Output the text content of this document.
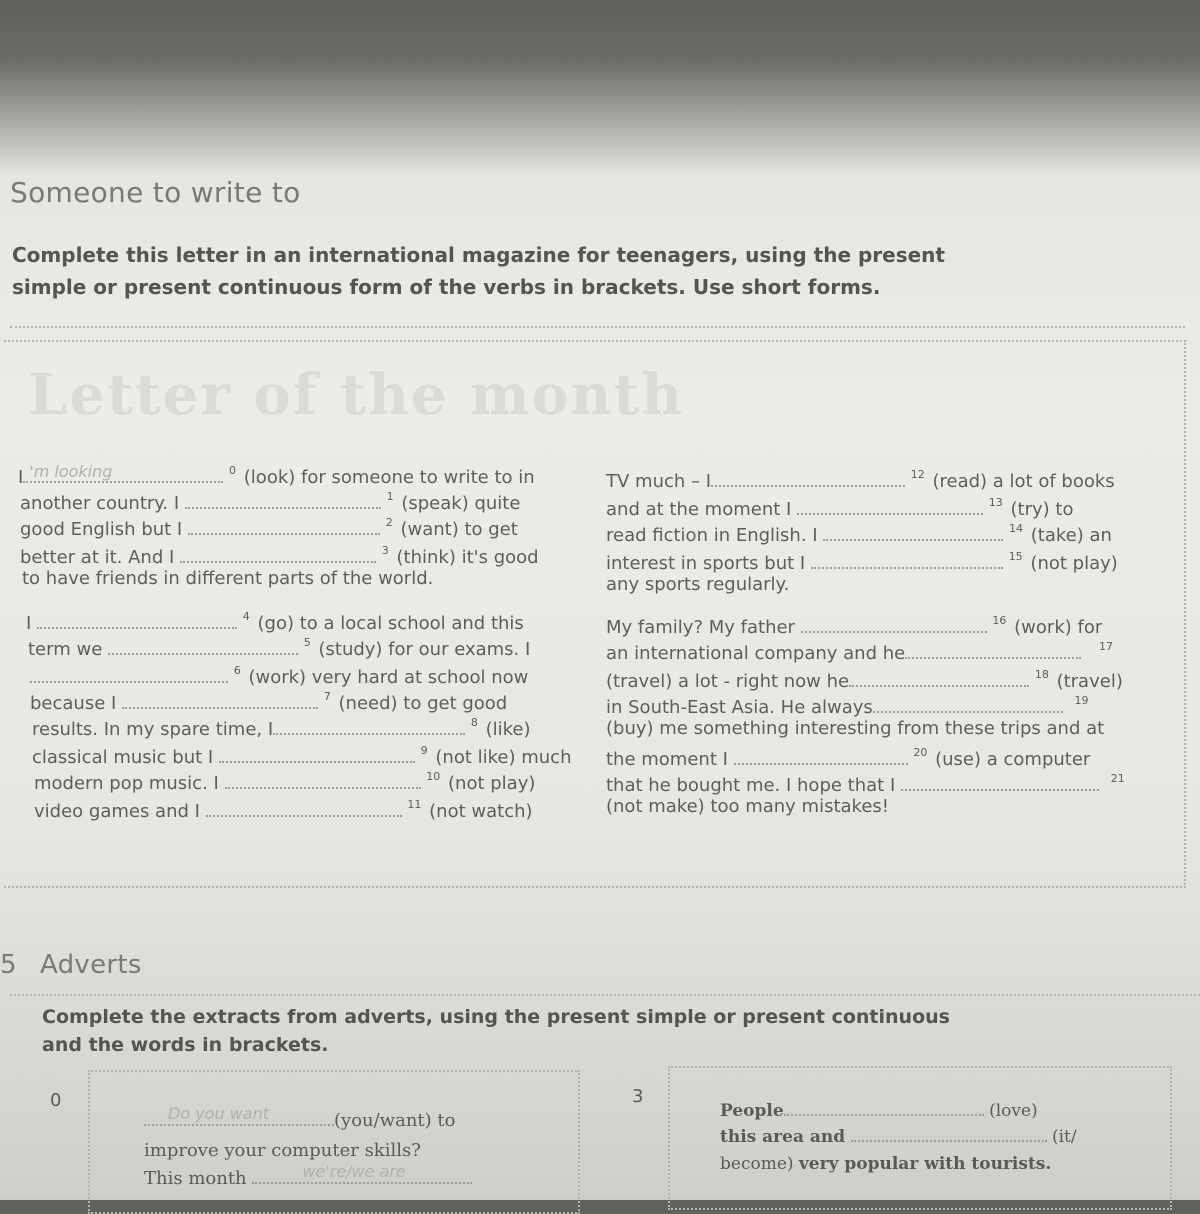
Someone to write to
Complete this letter in an international magazine for teenagers, using the present
simple or present continuous form of the verbs in brackets. Use short forms.
Letter of the month
I 'm looking	$^0$ (look) for someone to write to in
another country. I	$^1$ (speak) quite
good English but I	$^2$ (want) to get
better at it. And I	$^3$ (think) it's good
to have friends in different parts of the world.
I	$^4$ (go) to a local school and this
term we	$^5$ (study) for our exams. I
$^6$ (work) very hard at school now
because I	$^7$ (need) to get good
results. In my spare time, I	$^8$ (like)
classical music but I	$^9$ (not like) much
modern pop music. I	$^{10}$ (not play)
video games and I	$^{11}$ (not watch)
TV much – I	$^{12}$ (read) a lot of books
and at the moment I	$^{13}$ (try) to
read fiction in English. I	$^{14}$ (take) an
interest in sports but I	$^{15}$ (not play)
any sports regularly.
My family? My father	$^{16}$ (work) for
an international company and he	$^{17}$
(travel) a lot - right now he	$^{18}$ (travel)
in South-East Asia. He always	$^{19}$
(buy) me something interesting from these trips and at
the moment I	$^{20}$ (use) a computer
that he bought me. I hope that I	$^{21}$
(not make) too many mistakes!
5 Adverts
Complete the extracts from adverts, using the present simple or present continuous
and the words in brackets.
0
Do you want	(you/want) to
improve your computer skills?
This month	we're/we are
3
People	(love)
this area and	(it/
become) very popular with tourists.
